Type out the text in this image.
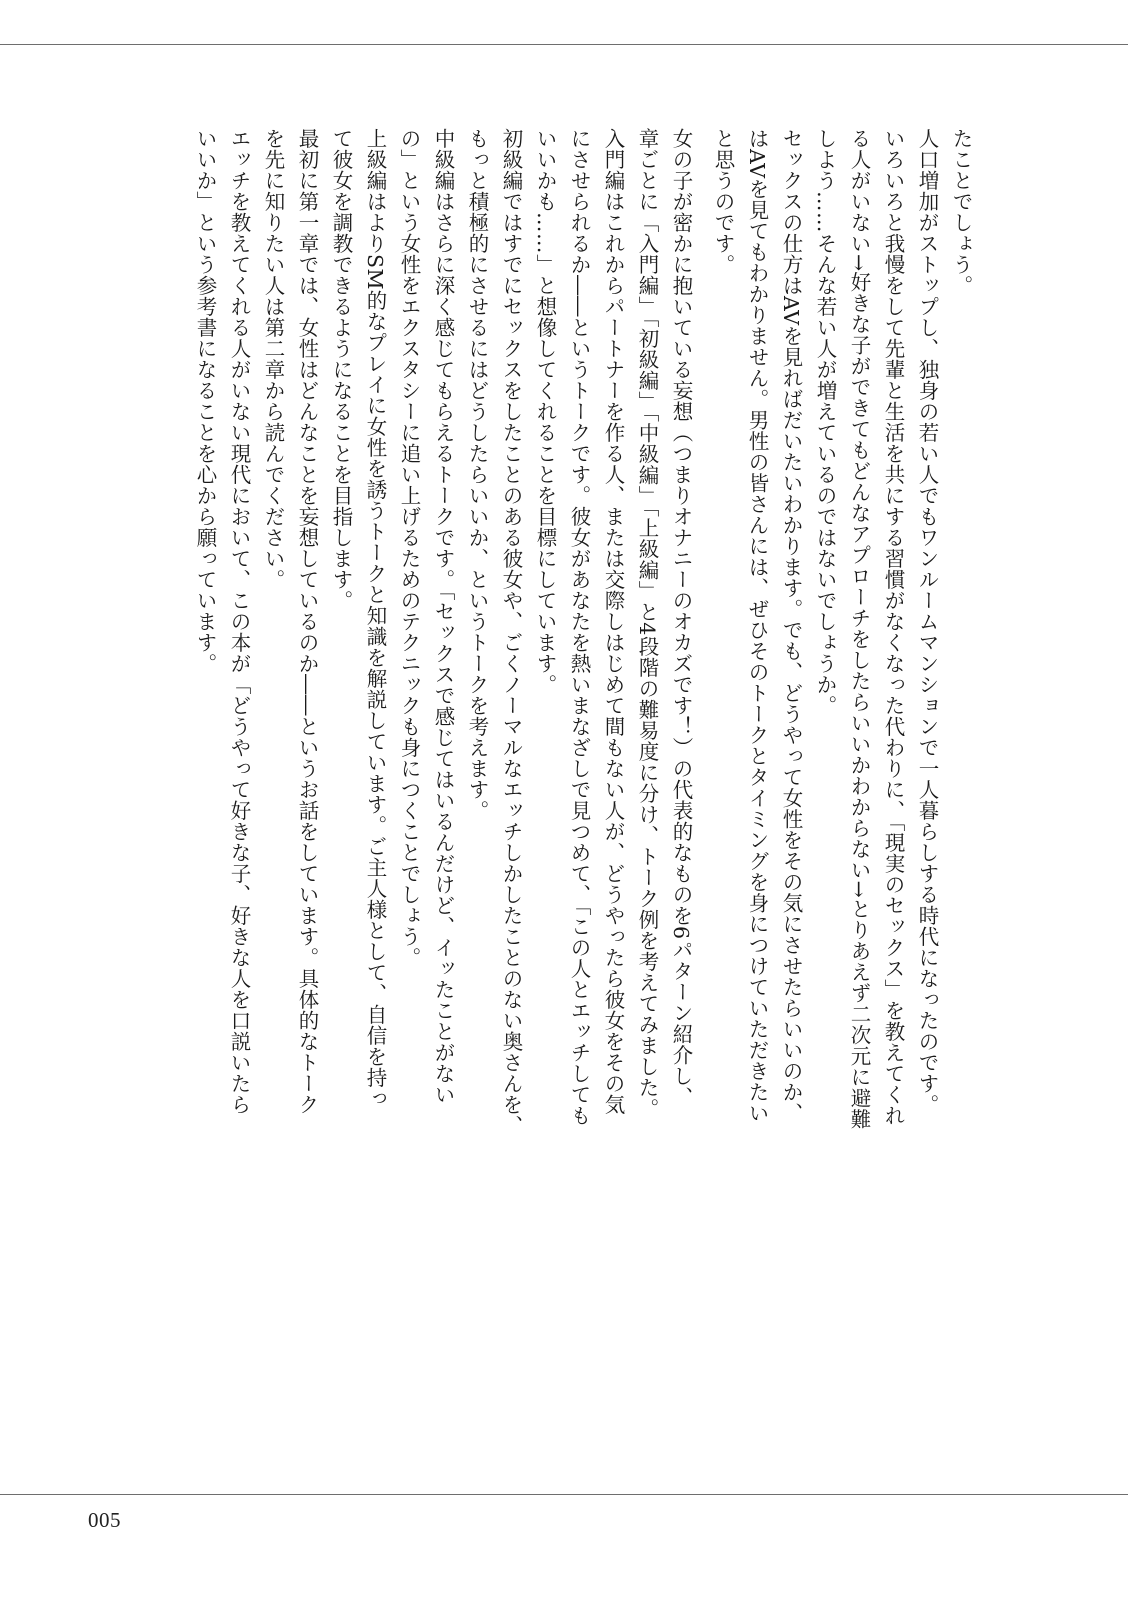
たことでしょう。

人口増加がストップし、独身の若い人でもワンルームマンションで一人暮らしする時代になったのです。

いろいろと我慢をして先輩と生活を共にする習慣がなくなった代わりに、「現実のセックス」を教えてくれ

る人がいない→好きな子ができてもどんなアプローチをしたらいいかわからない→とりあえず二次元に避難

しよう……そんな若い人が増えているのではないでしょうか。

セックスの仕方はAVを見ればだいたいわかります。でも、どうやって女性をその気にさせたらいいのか、

はAVを見てもわかりません。男性の皆さんには、ぜひそのトークとタイミングを身につけていただきたい

と思うのです。

女の子が密かに抱いている妄想（つまりオナニーのオカズです！）の代表的なものを6パターン紹介し、

章ごとに「入門編」「初級編」「中級編」「上級編」と4段階の難易度に分け、トーク例を考えてみました。

入門編はこれからパートナーを作る人、または交際しはじめて間もない人が、どうやったら彼女をその気

にさせられるか――というトークです。彼女があなたを熱いまなざしで見つめて、「この人とエッチしても

いいかも……」と想像してくれることを目標にしています。

初級編ではすでにセックスをしたことのある彼女や、ごくノーマルなエッチしかしたことのない奥さんを、

もっと積極的にさせるにはどうしたらいいか、というトークを考えます。

中級編はさらに深く感じてもらえるトークです。「セックスで感じてはいるんだけど、イッたことがない

の」という女性をエクスタシーに追い上げるためのテクニックも身につくことでしょう。

上級編はよりSM的なプレイに女性を誘うトークと知識を解説しています。ご主人様として、自信を持っ

て彼女を調教できるようになることを目指します。

最初に第一章では、女性はどんなことを妄想しているのか――というお話をしています。具体的なトーク

を先に知りたい人は第二章から読んでください。

エッチを教えてくれる人がいない現代において、この本が「どうやって好きな子、好きな人を口説いたら

いいか」という参考書になることを心から願っています。

005
